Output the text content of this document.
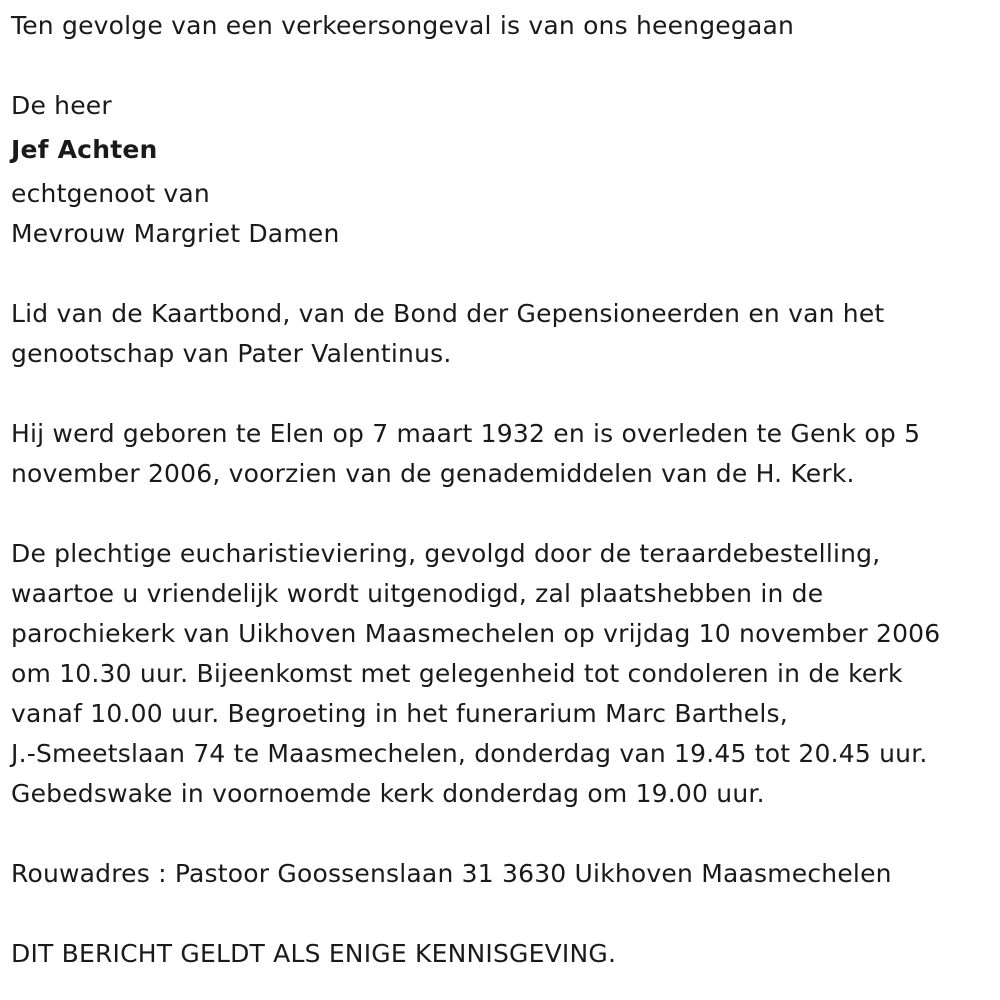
Ten gevolge van een verkeersongeval is van ons heengegaan
De heer
Jef Achten
echtgenoot van
Mevrouw Margriet Damen
Lid van de Kaartbond, van de Bond der Gepensioneerden en van het
genootschap van Pater Valentinus.
Hij werd geboren te Elen op 7 maart 1932 en is overleden te Genk op 5
november 2006, voorzien van de genademiddelen van de H. Kerk.
De plechtige eucharistieviering, gevolgd door de teraardebestelling,
waartoe u vriendelijk wordt uitgenodigd, zal plaatshebben in de
parochiekerk van Uikhoven Maasmechelen op vrijdag 10 november 2006
om 10.30 uur. Bijeenkomst met gelegenheid tot condoleren in de kerk
vanaf 10.00 uur. Begroeting in het funerarium Marc Barthels,
J.-Smeetslaan 74 te Maasmechelen, donderdag van 19.45 tot 20.45 uur.
Gebedswake in voornoemde kerk donderdag om 19.00 uur.
Rouwadres : Pastoor Goossenslaan 31 3630 Uikhoven Maasmechelen
DIT BERICHT GELDT ALS ENIGE KENNISGEVING.
